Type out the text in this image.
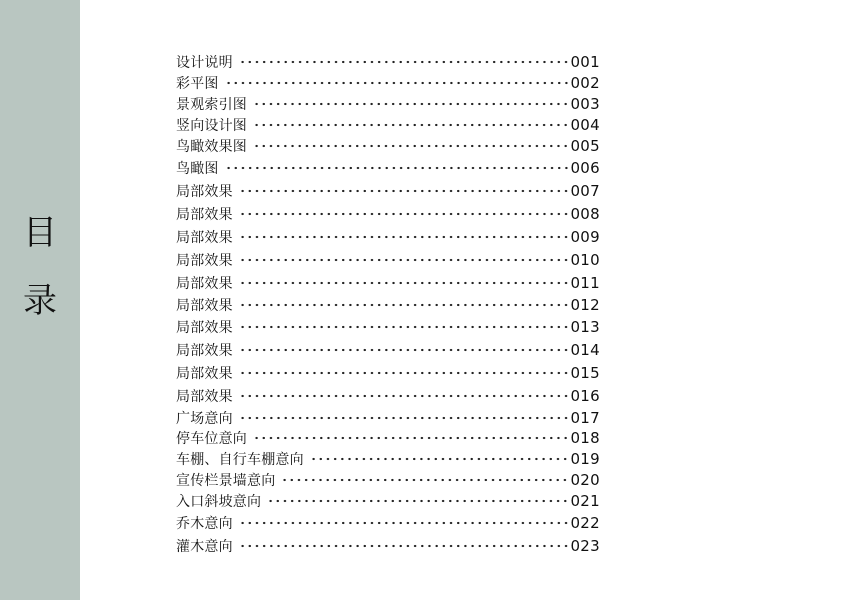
目
录
设计说明	001
彩平图	002
景观索引图	003
竖向设计图	004
鸟瞰效果图	005
鸟瞰图	006
局部效果	007
局部效果	008
局部效果	009
局部效果	010
局部效果	011
局部效果	012
局部效果	013
局部效果	014
局部效果	015
局部效果	016
广场意向	017
停车位意向	018
车棚、自行车棚意向	019
宣传栏景墙意向	020
入口斜坡意向	021
乔木意向	022
灌木意向	023
